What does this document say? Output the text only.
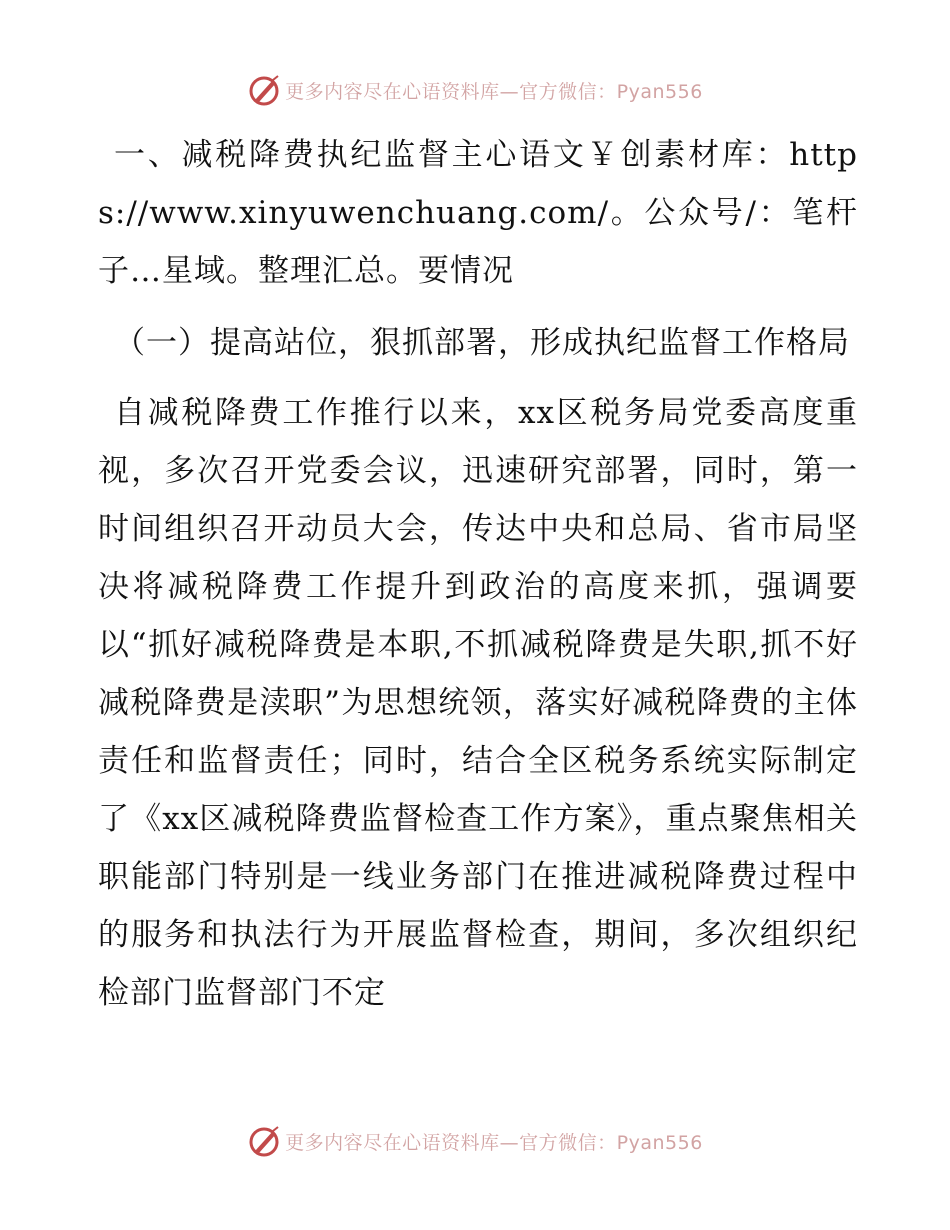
更多内容尽在心语资料库—官方微信：Pyan556

一、减税降费执纪监督主心语文￥创素材库：https://www.xinyuwenchuang.com/。公众号/：笔杆子…星域。整理汇总。要情况

（一）提高站位，狠抓部署，形成执纪监督工作格局

自减税降费工作推行以来，xx区税务局党委高度重视，多次召开党委会议，迅速研究部署，同时，第一时间组织召开动员大会，传达中央和总局、省市局坚决将减税降费工作提升到政治的高度来抓，强调要以“抓好减税降费是本职,不抓减税降费是失职,抓不好减税降费是渎职”为思想统领，落实好减税降费的主体责任和监督责任；同时，结合全区税务系统实际制定了《xx区减税降费监督检查工作方案》，重点聚焦相关职能部门特别是一线业务部门在推进减税降费过程中的服务和执法行为开展监督检查，期间，多次组织纪检部门监督部门不定

更多内容尽在心语资料库—官方微信：Pyan556
